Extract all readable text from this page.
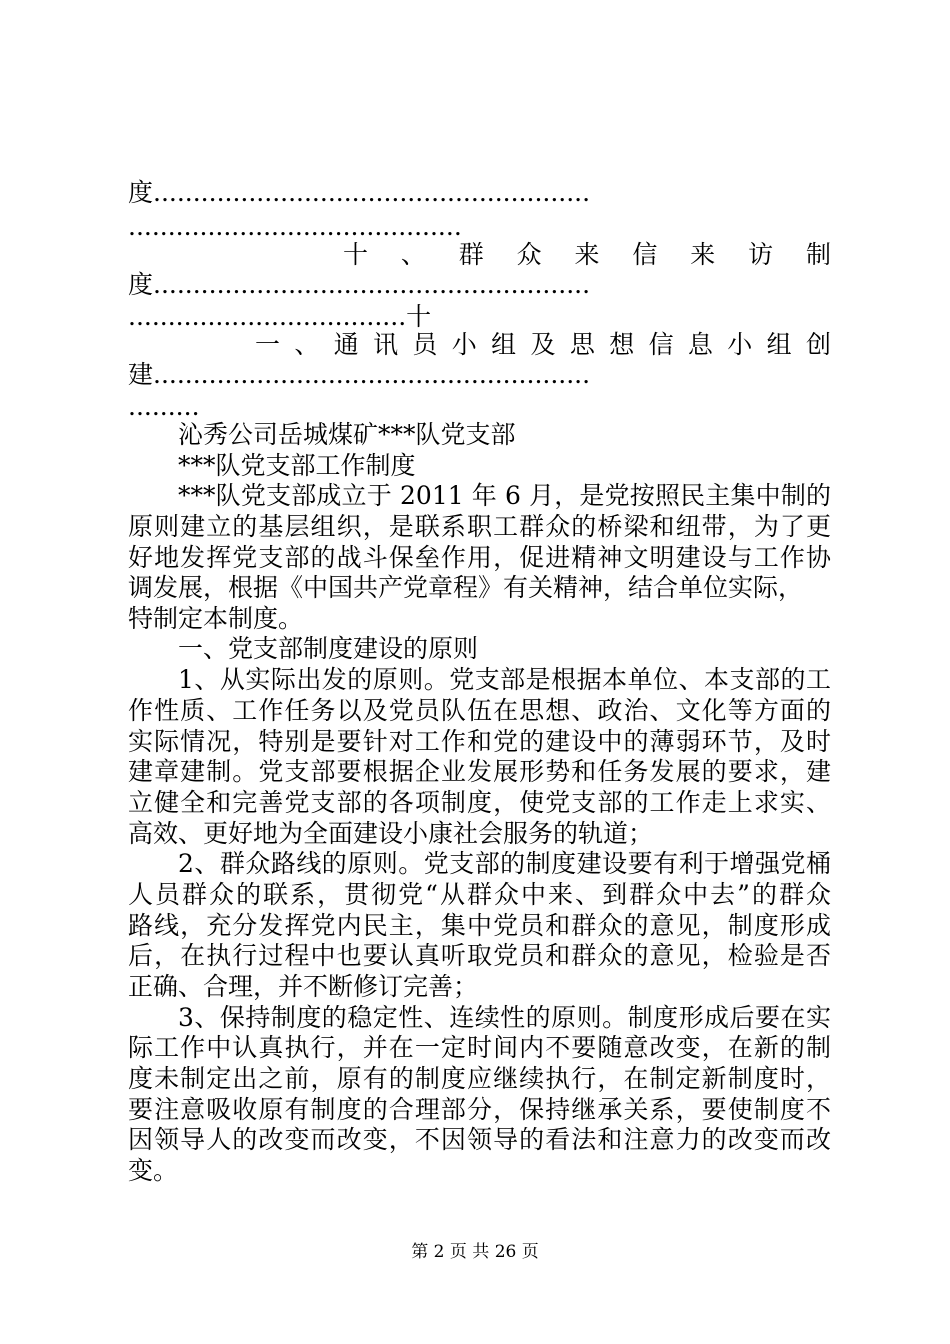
度.......................................................
..........................................
十 、 群 众 来 信 来 访 制
度.......................................................
...................................十
一 、 通 讯 员 小 组 及 思 想 信 息 小 组 创
建.......................................................
.........
沁秀公司岳城煤矿***队党支部
***队党支部工作制度
***队党支部成立于 2011 年 6 月，是党按照民主集中制的
原则建立的基层组织，是联系职工群众的桥梁和纽带，为了更
好地发挥党支部的战斗保垒作用，促进精神文明建设与工作协
调发展，根据《中国共产党章程》有关精神，结合单位实际，
特制定本制度。
一、党支部制度建设的原则
1、从实际出发的原则。党支部是根据本单位、本支部的工
作性质、工作任务以及党员队伍在思想、政治、文化等方面的
实际情况，特别是要针对工作和党的建设中的薄弱环节，及时
建章建制。党支部要根据企业发展形势和任务发展的要求，建
立健全和完善党支部的各项制度，使党支部的工作走上求实、
高效、更好地为全面建设小康社会服务的轨道；
2、群众路线的原则。党支部的制度建设要有利于增强党桶
人员群众的联系，贯彻党“从群众中来、到群众中去”的群众
路线，充分发挥党内民主，集中党员和群众的意见，制度形成
后，在执行过程中也要认真听取党员和群众的意见，检验是否
正确、合理，并不断修订完善；
3、保持制度的稳定性、连续性的原则。制度形成后要在实
际工作中认真执行，并在一定时间内不要随意改变，在新的制
度未制定出之前，原有的制度应继续执行，在制定新制度时，
要注意吸收原有制度的合理部分，保持继承关系，要使制度不
因领导人的改变而改变，不因领导的看法和注意力的改变而改
变。
第 2 页 共 26 页
